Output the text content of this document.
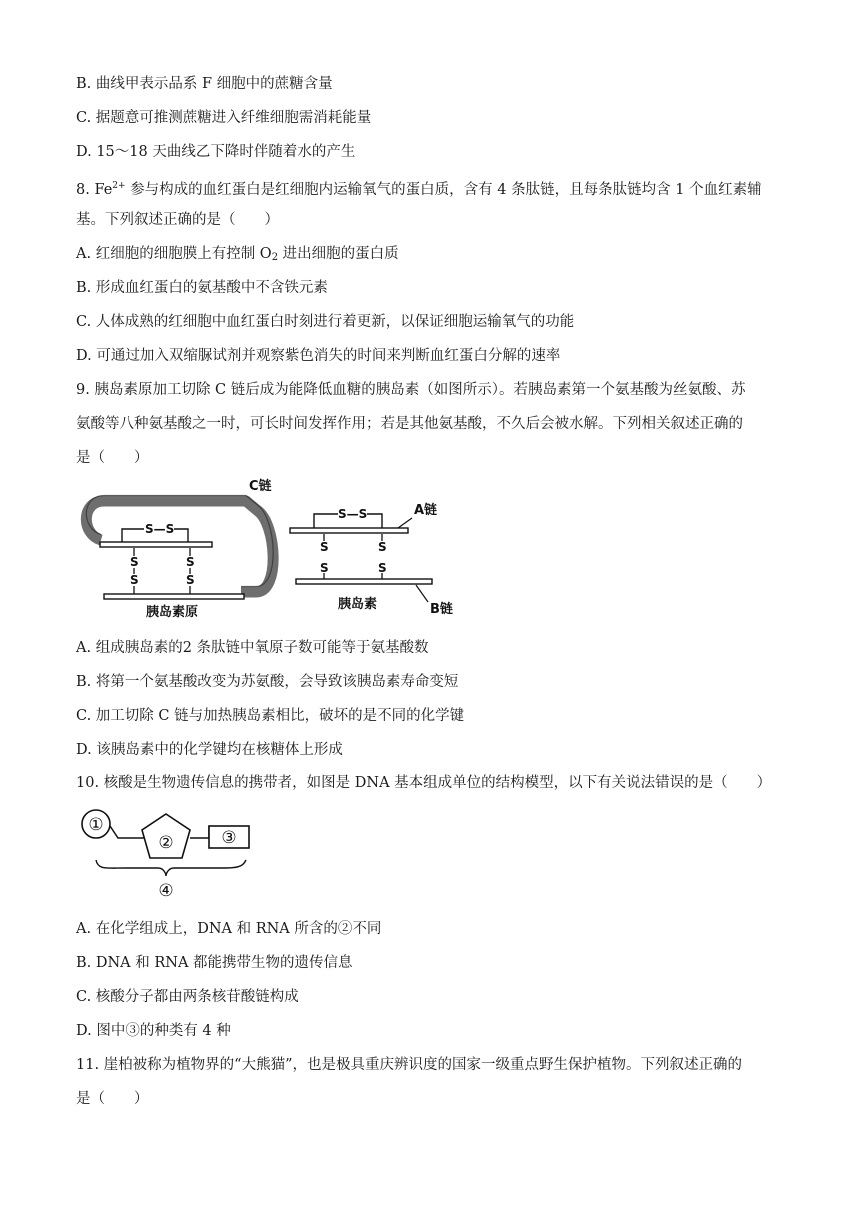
B. 曲线甲表示品系 F 细胞中的蔗糖含量
C. 据题意可推测蔗糖进入纤维细胞需消耗能量
D. 15～18 天曲线乙下降时伴随着水的产生
8. $Fe^{2+}$ 参与构成的血红蛋白是红细胞内运输氧气的蛋白质，含有 4 条肽链，且每条肽链均含 1 个血红素辅
基。下列叙述正确的是（　　）
A. 红细胞的细胞膜上有控制 $O_2$ 进出细胞的蛋白质
B. 形成血红蛋白的氨基酸中不含铁元素
C. 人体成熟的红细胞中血红蛋白时刻进行着更新，以保证细胞运输氧气的功能
D. 可通过加入双缩脲试剂并观察紫色消失的时间来判断血红蛋白分解的速率
9. 胰岛素原加工切除 C 链后成为能降低血糖的胰岛素（如图所示）。若胰岛素第一个氨基酸为丝氨酸、苏
氨酸等八种氨基酸之一时，可长时间发挥作用；若是其他氨基酸，不久后会被水解。下列相关叙述正确的
是（　　）
S—S
S
S
S
S
C链
胰岛素原
S—S
S
S
S
S
A链
B链
胰岛素
A. 组成胰岛素的2 条肽链中氧原子数可能等于氨基酸数
B. 将第一个氨基酸改变为苏氨酸，会导致该胰岛素寿命变短
C. 加工切除 C 链与加热胰岛素相比，破坏的是不同的化学键
D. 该胰岛素中的化学键均在核糖体上形成
10. 核酸是生物遗传信息的携带者，如图是 DNA 基本组成单位的结构模型，以下有关说法错误的是（　　）
①
②	③
④
A. 在化学组成上，DNA 和 RNA 所含的②不同
B. DNA 和 RNA 都能携带生物的遗传信息
C. 核酸分子都由两条核苷酸链构成
D. 图中③的种类有 4 种
11. 崖柏被称为植物界的“大熊猫”，也是极具重庆辨识度的国家一级重点野生保护植物。下列叙述正确的
是（　　）
